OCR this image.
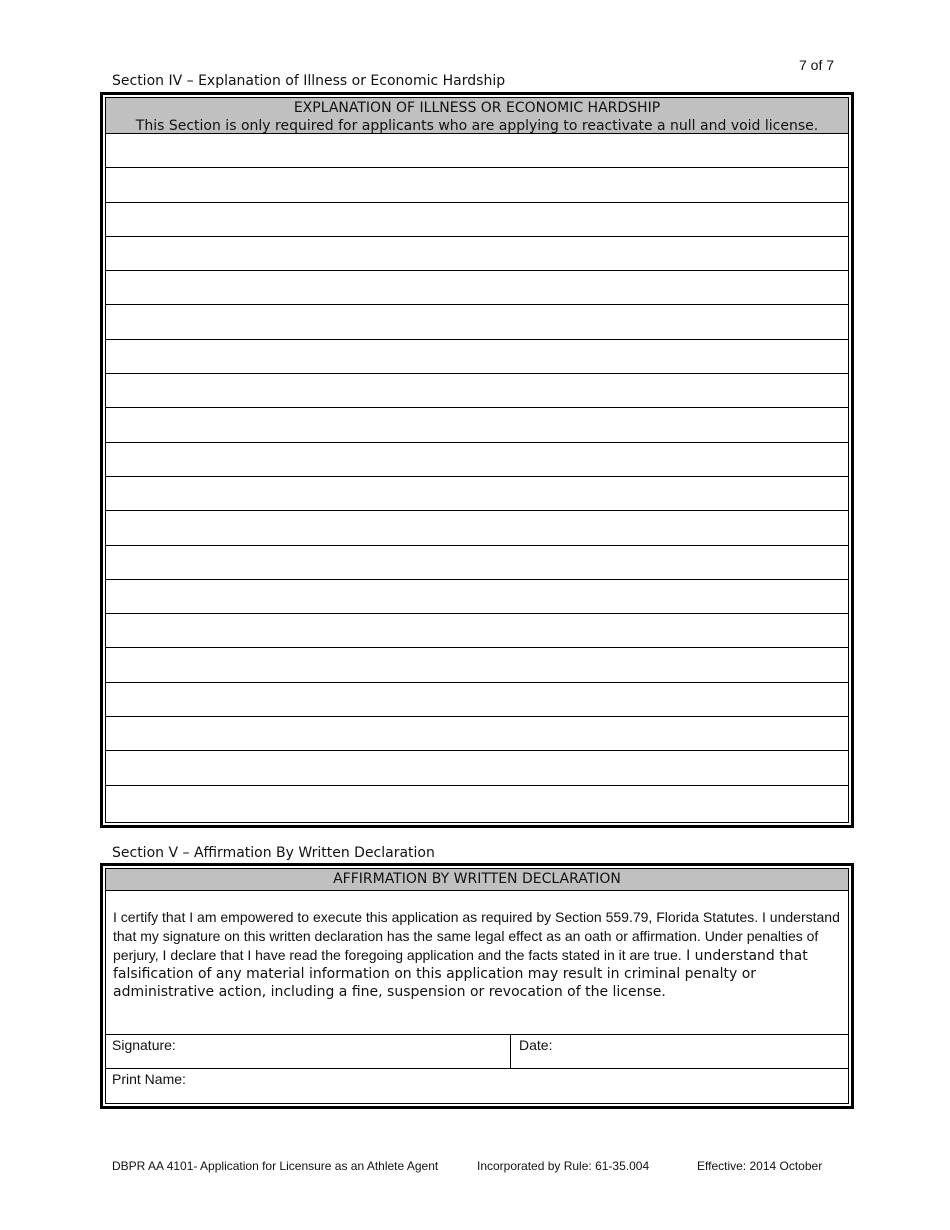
7 of 7
Section IV – Explanation of Illness or Economic Hardship
EXPLANATION OF ILLNESS OR ECONOMIC HARDSHIP
This Section is only required for applicants who are applying to reactivate a null and void license.
Section V – Affirmation By Written Declaration
AFFIRMATION BY WRITTEN DECLARATION
I certify that I am empowered to execute this application as required by Section 559.79, Florida Statutes. I understand that my signature on this written declaration has the same legal effect as an oath or affirmation. Under penalties of perjury, I declare that I have read the foregoing application and the facts stated in it are true. I understand that falsification of any material information on this application may result in criminal penalty or administrative action, including a fine, suspension or revocation of the license.
Signature:	Date:
Print Name:
DBPR AA 4101- Application for Licensure as an Athlete Agent	Incorporated by Rule: 61-35.004	Effective: 2014 October
